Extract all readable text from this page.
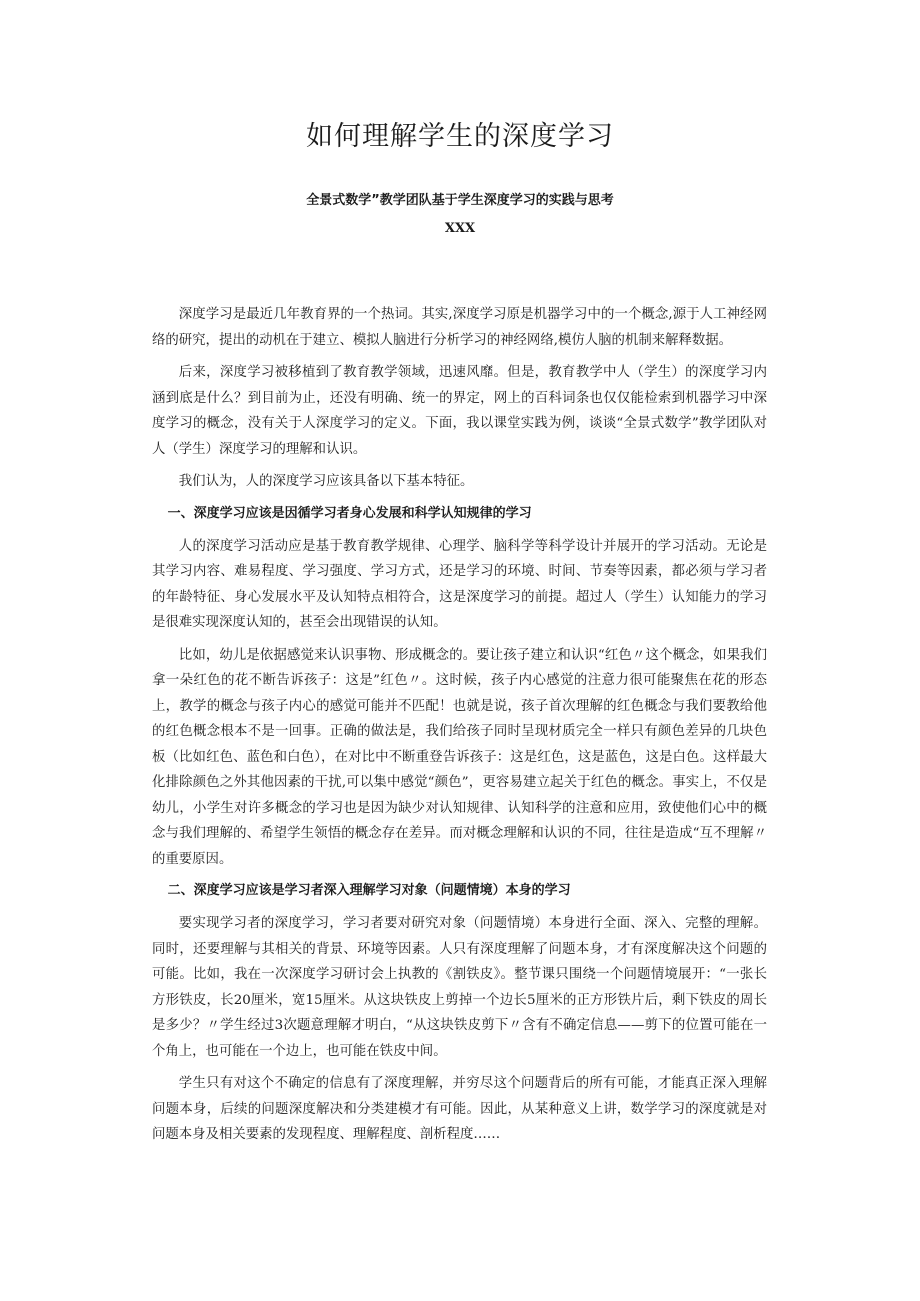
如何理解学生的深度学习
全景式数学”教学团队基于学生深度学习的实践与思考
XXX

深度学习是最近几年教育界的一个热词。其实,深度学习原是机器学习中的一个概念,源于人工神经网络的研究，提出的动机在于建立、模拟人脑进行分析学习的神经网络,模仿人脑的机制来解释数据。

后来，深度学习被移植到了教育教学领域，迅速风靡。但是，教育教学中人（学生）的深度学习内涵到底是什么？到目前为止，还没有明确、统一的界定，网上的百科词条也仅仅能检索到机器学习中深度学习的概念，没有关于人深度学习的定义。下面，我以课堂实践为例，谈谈“全景式数学”教学团队对人（学生）深度学习的理解和认识。

我们认为，人的深度学习应该具备以下基本特征。

一、深度学习应该是因循学习者身心发展和科学认知规律的学习

人的深度学习活动应是基于教育教学规律、心理学、脑科学等科学设计并展开的学习活动。无论是其学习内容、难易程度、学习强度、学习方式，还是学习的环境、时间、节奏等因素，都必须与学习者的年龄特征、身心发展水平及认知特点相符合，这是深度学习的前提。超过人（学生）认知能力的学习是很难实现深度认知的，甚至会出现错误的认知。

比如，幼儿是依据感觉来认识事物、形成概念的。要让孩子建立和认识“红色〃这个概念，如果我们拿一朵红色的花不断告诉孩子：这是”红色〃。这时候，孩子内心感觉的注意力很可能聚焦在花的形态上，教学的概念与孩子内心的感觉可能并不匹配！也就是说，孩子首次理解的红色概念与我们要教给他的红色概念根本不是一回事。正确的做法是，我们给孩子同时呈现材质完全一样只有颜色差异的几块色板（比如红色、蓝色和白色），在对比中不断重登告诉孩子：这是红色，这是蓝色，这是白色。这样最大化排除颜色之外其他因素的干扰,可以集中感觉“颜色”，更容易建立起关于红色的概念。事实上，不仅是幼儿，小学生对许多概念的学习也是因为缺少对认知规律、认知科学的注意和应用，致使他们心中的概念与我们理解的、希望学生领悟的概念存在差异。而对概念理解和认识的不同，往往是造成“互不理解〃的重要原因。

二、深度学习应该是学习者深入理解学习对象（问题情境）本身的学习

要实现学习者的深度学习，学习者要对研究对象（问题情境）本身进行全面、深入、完整的理解。同时，还要理解与其相关的背景、环境等因素。人只有深度理解了问题本身，才有深度解决这个问题的可能。比如，我在一次深度学习研讨会上执教的《割铁皮》。整节课只围绕一个问题情境展开：“一张长方形铁皮，长20厘米，宽15厘米。从这块铁皮上剪掉一个边长5厘米的正方形铁片后，剩下铁皮的周长是多少？〃学生经过3次题意理解才明白，“从这块铁皮剪下〃含有不确定信息——剪下的位置可能在一个角上，也可能在一个边上，也可能在铁皮中间。

学生只有对这个不确定的信息有了深度理解，并穷尽这个问题背后的所有可能，才能真正深入理解问题本身，后续的问题深度解决和分类建模才有可能。因此，从某种意义上讲，数学学习的深度就是对问题本身及相关要素的发现程度、理解程度、剖析程度……
